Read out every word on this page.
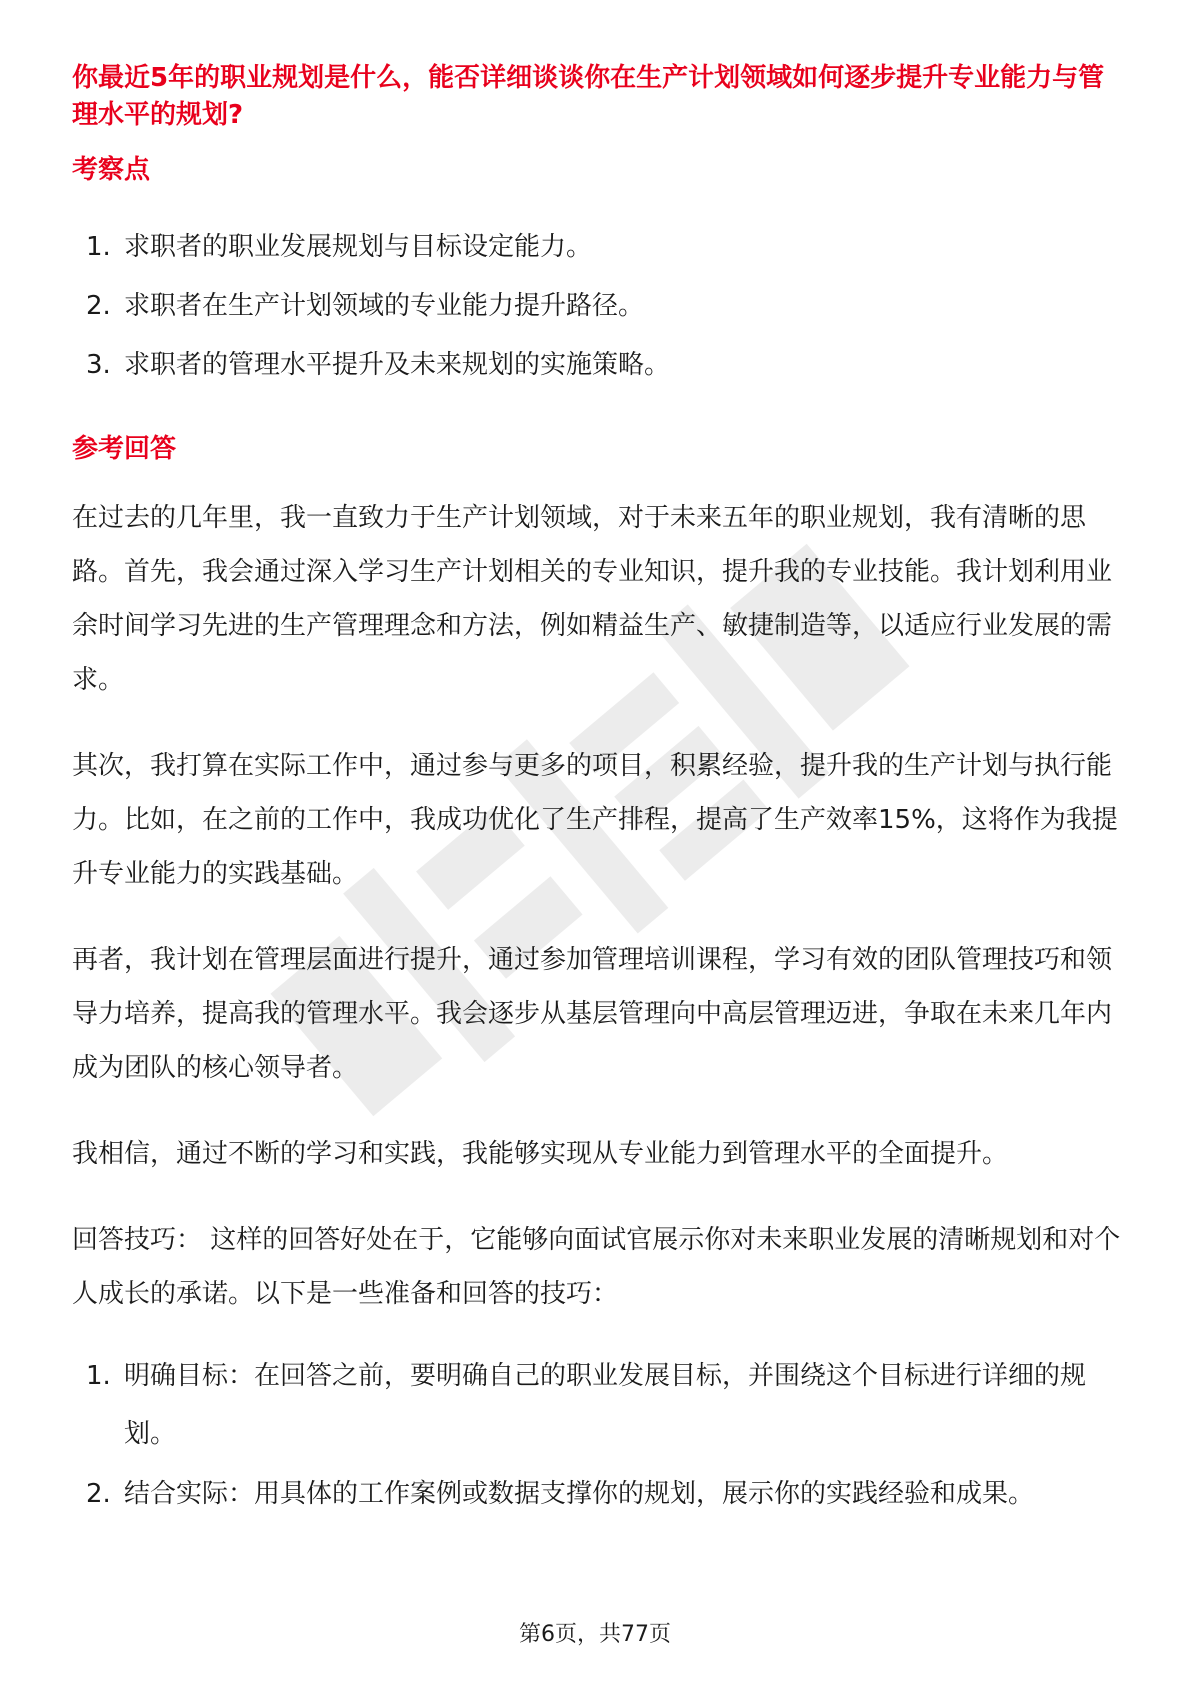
你最近5年的职业规划是什么，能否详细谈谈你在生产计划领域如何逐步提升专业能力与管理水平的规划?

考察点
1. 求职者的职业发展规划与目标设定能力。
2. 求职者在生产计划领域的专业能力提升路径。
3. 求职者的管理水平提升及未来规划的实施策略。
参考回答

在过去的几年里，我一直致力于生产计划领域，对于未来五年的职业规划，我有清晰的思路。首先，我会通过深入学习生产计划相关的专业知识，提升我的专业技能。我计划利用业余时间学习先进的生产管理理念和方法，例如精益生产、敏捷制造等，以适应行业发展的需求。

其次，我打算在实际工作中，通过参与更多的项目，积累经验，提升我的生产计划与执行能力。比如，在之前的工作中，我成功优化了生产排程，提高了生产效率15%，这将作为我提升专业能力的实践基础。

再者，我计划在管理层面进行提升，通过参加管理培训课程，学习有效的团队管理技巧和领导力培养，提高我的管理水平。我会逐步从基层管理向中高层管理迈进，争取在未来几年内成为团队的核心领导者。

我相信，通过不断的学习和实践，我能够实现从专业能力到管理水平的全面提升。

回答技巧： 这样的回答好处在于，它能够向面试官展示你对未来职业发展的清晰规划和对个人成长的承诺。以下是一些准备和回答的技巧：

1. 明确目标：在回答之前，要明确自己的职业发展目标，并围绕这个目标进行详细的规划。
2. 结合实际：用具体的工作案例或数据支撑你的规划，展示你的实践经验和成果。
第6页，共77页
